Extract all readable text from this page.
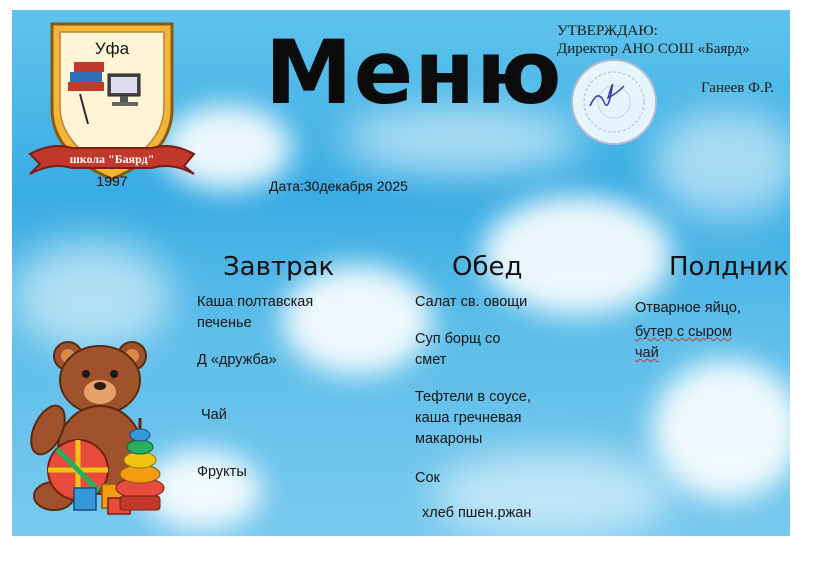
Уфа
школа "Баярд"
1997
Меню
УТВЕРЖДАЮ:
Директор АНО СОШ «Баярд»
Ганеев Ф.Р.
Дата:30декабря 2025
Завтрак
Каша полтавская печенье
Д «дружба»
Чай
Фрукты
Обед
Салат св. овощи
Суп борщ со смет
Тефтели в соусе, каша гречневая макароны
Сок
хлеб пшен.ржан
Полдник
Отварное яйцо,
бутер с сыром чай
